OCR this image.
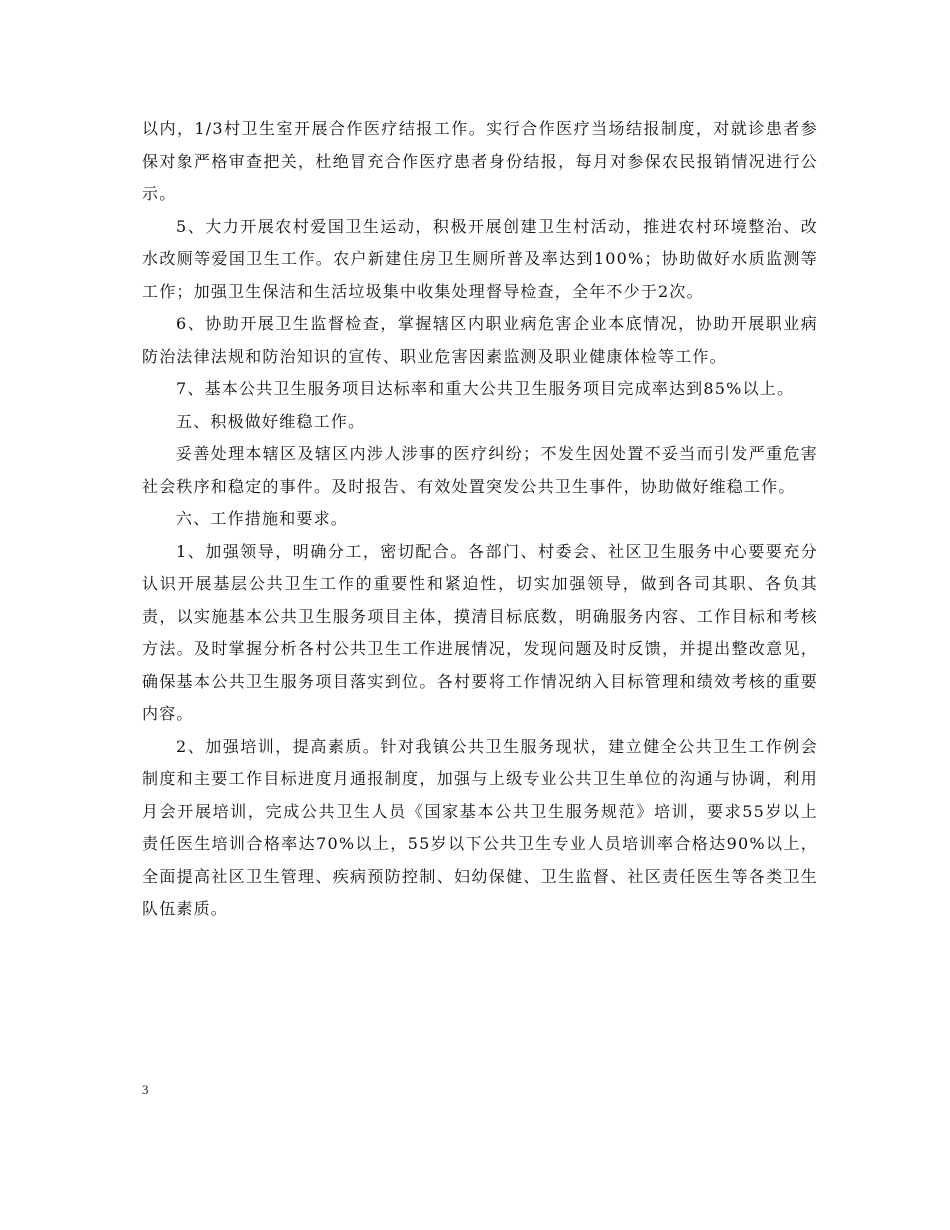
以内，1/3村卫生室开展合作医疗结报工作。实行合作医疗当场结报制度，对就诊患者参保对象严格审查把关，杜绝冒充合作医疗患者身份结报，每月对参保农民报销情况进行公示。

5、大力开展农村爱国卫生运动，积极开展创建卫生村活动，推进农村环境整治、改水改厕等爱国卫生工作。农户新建住房卫生厕所普及率达到100%；协助做好水质监测等工作；加强卫生保洁和生活垃圾集中收集处理督导检查，全年不少于2次。

6、协助开展卫生监督检查，掌握辖区内职业病危害企业本底情况，协助开展职业病防治法律法规和防治知识的宣传、职业危害因素监测及职业健康体检等工作。

7、基本公共卫生服务项目达标率和重大公共卫生服务项目完成率达到85%以上。

五、积极做好维稳工作。

妥善处理本辖区及辖区内涉人涉事的医疗纠纷；不发生因处置不妥当而引发严重危害社会秩序和稳定的事件。及时报告、有效处置突发公共卫生事件，协助做好维稳工作。

六、工作措施和要求。

1、加强领导，明确分工，密切配合。各部门、村委会、社区卫生服务中心要要充分认识开展基层公共卫生工作的重要性和紧迫性，切实加强领导，做到各司其职、各负其责，以实施基本公共卫生服务项目主体，摸清目标底数，明确服务内容、工作目标和考核方法。及时掌握分析各村公共卫生工作进展情况，发现问题及时反馈，并提出整改意见，确保基本公共卫生服务项目落实到位。各村要将工作情况纳入目标管理和绩效考核的重要内容。

2、加强培训，提高素质。针对我镇公共卫生服务现状，建立健全公共卫生工作例会制度和主要工作目标进度月通报制度，加强与上级专业公共卫生单位的沟通与协调，利用月会开展培训，完成公共卫生人员《国家基本公共卫生服务规范》培训，要求55岁以上责任医生培训合格率达70%以上，55岁以下公共卫生专业人员培训率合格达90%以上，全面提高社区卫生管理、疾病预防控制、妇幼保健、卫生监督、社区责任医生等各类卫生队伍素质。

3
